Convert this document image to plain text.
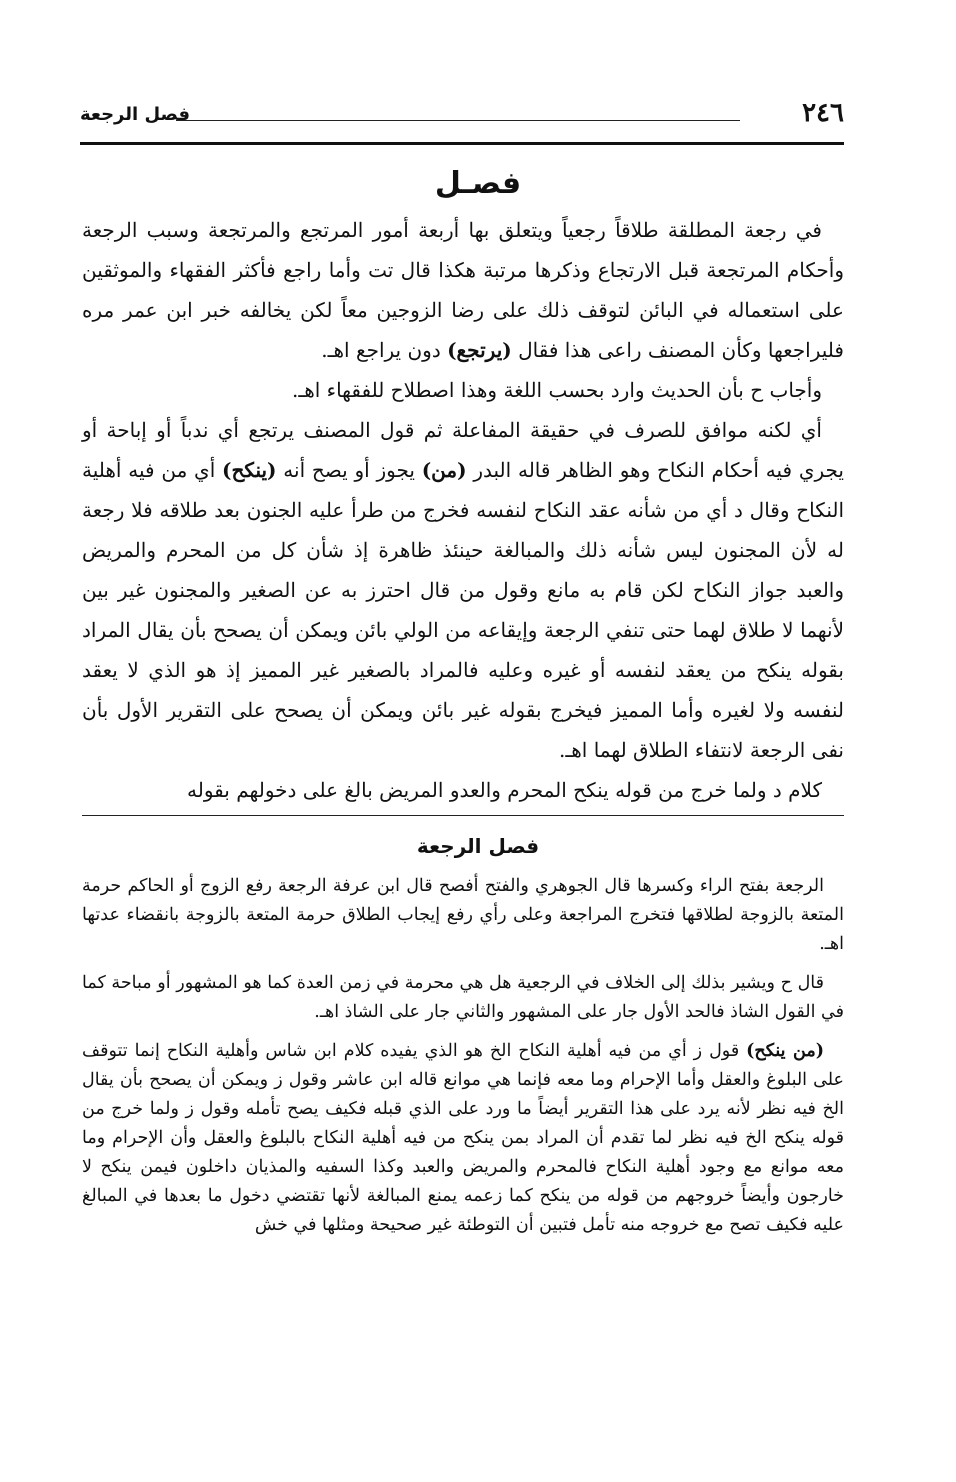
٢٤٦
فصل الرجعة
فصـل

في رجعة المطلقة طلاقاً رجعياً ويتعلق بها أربعة أمور المرتجع والمرتجعة وسبب الرجعة وأحكام المرتجعة قبل الارتجاع وذكرها مرتبة هكذا قال تت وأما راجع فأكثر الفقهاء والموثقين على استعماله في البائن لتوقف ذلك على رضا الزوجين معاً لكن يخالفه خبر ابن عمر مره فليراجعها وكأن المصنف راعى هذا فقال (يرتجع) دون يراجع اهـ.

وأجاب ح بأن الحديث وارد بحسب اللغة وهذا اصطلاح للفقهاء اهـ.

أي لكنه موافق للصرف في حقيقة المفاعلة ثم قول المصنف يرتجع أي ندباً أو إباحة أو يجري فيه أحكام النكاح وهو الظاهر قاله البدر (من) يجوز أو يصح أنه (ينكح) أي من فيه أهلية النكاح وقال د أي من شأنه عقد النكاح لنفسه فخرج من طرأ عليه الجنون بعد طلاقه فلا رجعة له لأن المجنون ليس شأنه ذلك والمبالغة حينئذ ظاهرة إذ شأن كل من المحرم والمريض والعبد جواز النكاح لكن قام به مانع وقول من قال احترز به عن الصغير والمجنون غير بين لأنهما لا طلاق لهما حتى تنفي الرجعة وإيقاعه من الولي بائن ويمكن أن يصحح بأن يقال المراد بقوله ينكح من يعقد لنفسه أو غيره وعليه فالمراد بالصغير غير المميز إذ هو الذي لا يعقد لنفسه ولا لغيره وأما المميز فيخرج بقوله غير بائن ويمكن أن يصحح على التقرير الأول بأن نفى الرجعة لانتفاء الطلاق لهما اهـ.

كلام د ولما خرج من قوله ينكح المحرم والعدو المريض بالغ على دخولهم بقوله

فصل الرجعة

الرجعة بفتح الراء وكسرها قال الجوهري والفتح أفصح قال ابن عرفة الرجعة رفع الزوج أو الحاكم حرمة المتعة بالزوجة لطلاقها فتخرج المراجعة وعلى رأي رفع إيجاب الطلاق حرمة المتعة بالزوجة بانقضاء عدتها اهـ.

قال ح ويشير بذلك إلى الخلاف في الرجعية هل هي محرمة في زمن العدة كما هو المشهور أو مباحة كما في القول الشاذ فالحد الأول جار على المشهور والثاني جار على الشاذ اهـ.

(من ينكح) قول ز أي من فيه أهلية النكاح الخ هو الذي يفيده كلام ابن شاس وأهلية النكاح إنما تتوقف على البلوغ والعقل وأما الإحرام وما معه فإنما هي موانع قاله ابن عاشر وقول ز ويمكن أن يصحح بأن يقال الخ فيه نظر لأنه يرد على هذا التقرير أيضاً ما ورد على الذي قبله فكيف يصح تأمله وقول ز ولما خرج من قوله ينكح الخ فيه نظر لما تقدم أن المراد بمن ينكح من فيه أهلية النكاح بالبلوغ والعقل وأن الإحرام وما معه موانع مع وجود أهلية النكاح فالمحرم والمريض والعبد وكذا السفيه والمذيان داخلون فيمن ينكح لا خارجون وأيضاً خروجهم من قوله من ينكح كما زعمه يمنع المبالغة لأنها تقتضي دخول ما بعدها في المبالغ عليه فكيف تصح مع خروجه منه تأمل فتبين أن التوطئة غير صحيحة ومثلها في خش
